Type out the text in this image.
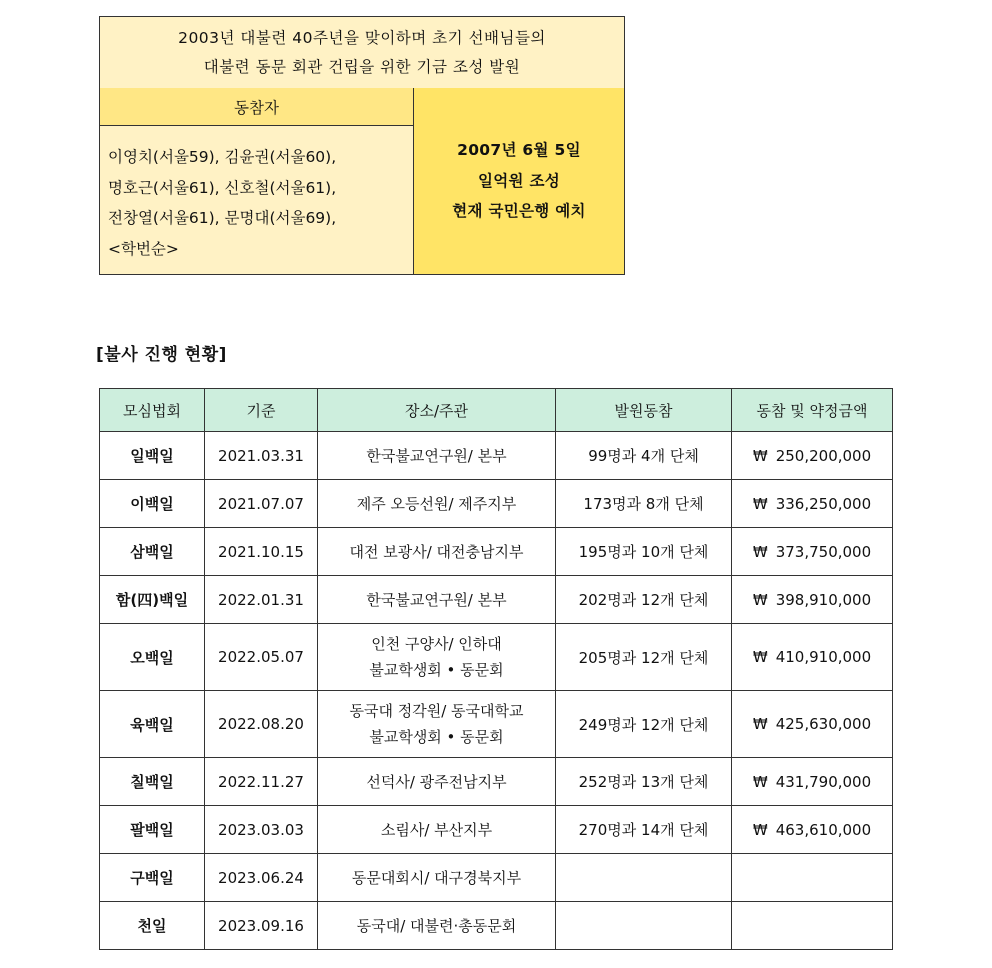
2003년 대불련 40주년을 맞이하며 초기 선배님들의
대불련 동문 회관 건립을 위한 기금 조성 발원
동참자
이영치(서울59), 김윤권(서울60),
명호근(서울61), 신호철(서울61),
전창열(서울61), 문명대(서울69),
<학번순>
2007년 6월 5일
일억원 조성
현재 국민은행 예치
[불사 진행 현황]
모심법회	기준	장소/주관	발원동참	동참 및 약정금액
일백일	2021.03.31	한국불교연구원/ 본부	99명과 4개 단체	₩ 250,200,000
이백일	2021.07.07	제주 오등선원/ 제주지부	173명과 8개 단체	₩ 336,250,000
삼백일	2021.10.15	대전 보광사/ 대전충남지부	195명과 10개 단체	₩ 373,750,000
함(四)백일	2022.01.31	한국불교연구원/ 본부	202명과 12개 단체	₩ 398,910,000
오백일	2022.05.07	인천 구양사/ 인하대
불교학생회 • 동문회	205명과 12개 단체	₩ 410,910,000
육백일	2022.08.20	동국대 정각원/ 동국대학교
불교학생회 • 동문회	249명과 12개 단체	₩ 425,630,000
칠백일	2022.11.27	선덕사/ 광주전남지부	252명과 13개 단체	₩ 431,790,000
팔백일	2023.03.03	소림사/ 부산지부	270명과 14개 단체	₩ 463,610,000
구백일	2023.06.24	동문대회시/ 대구경북지부		

천일	2023.09.16	동국대/ 대불련·총동문회		
